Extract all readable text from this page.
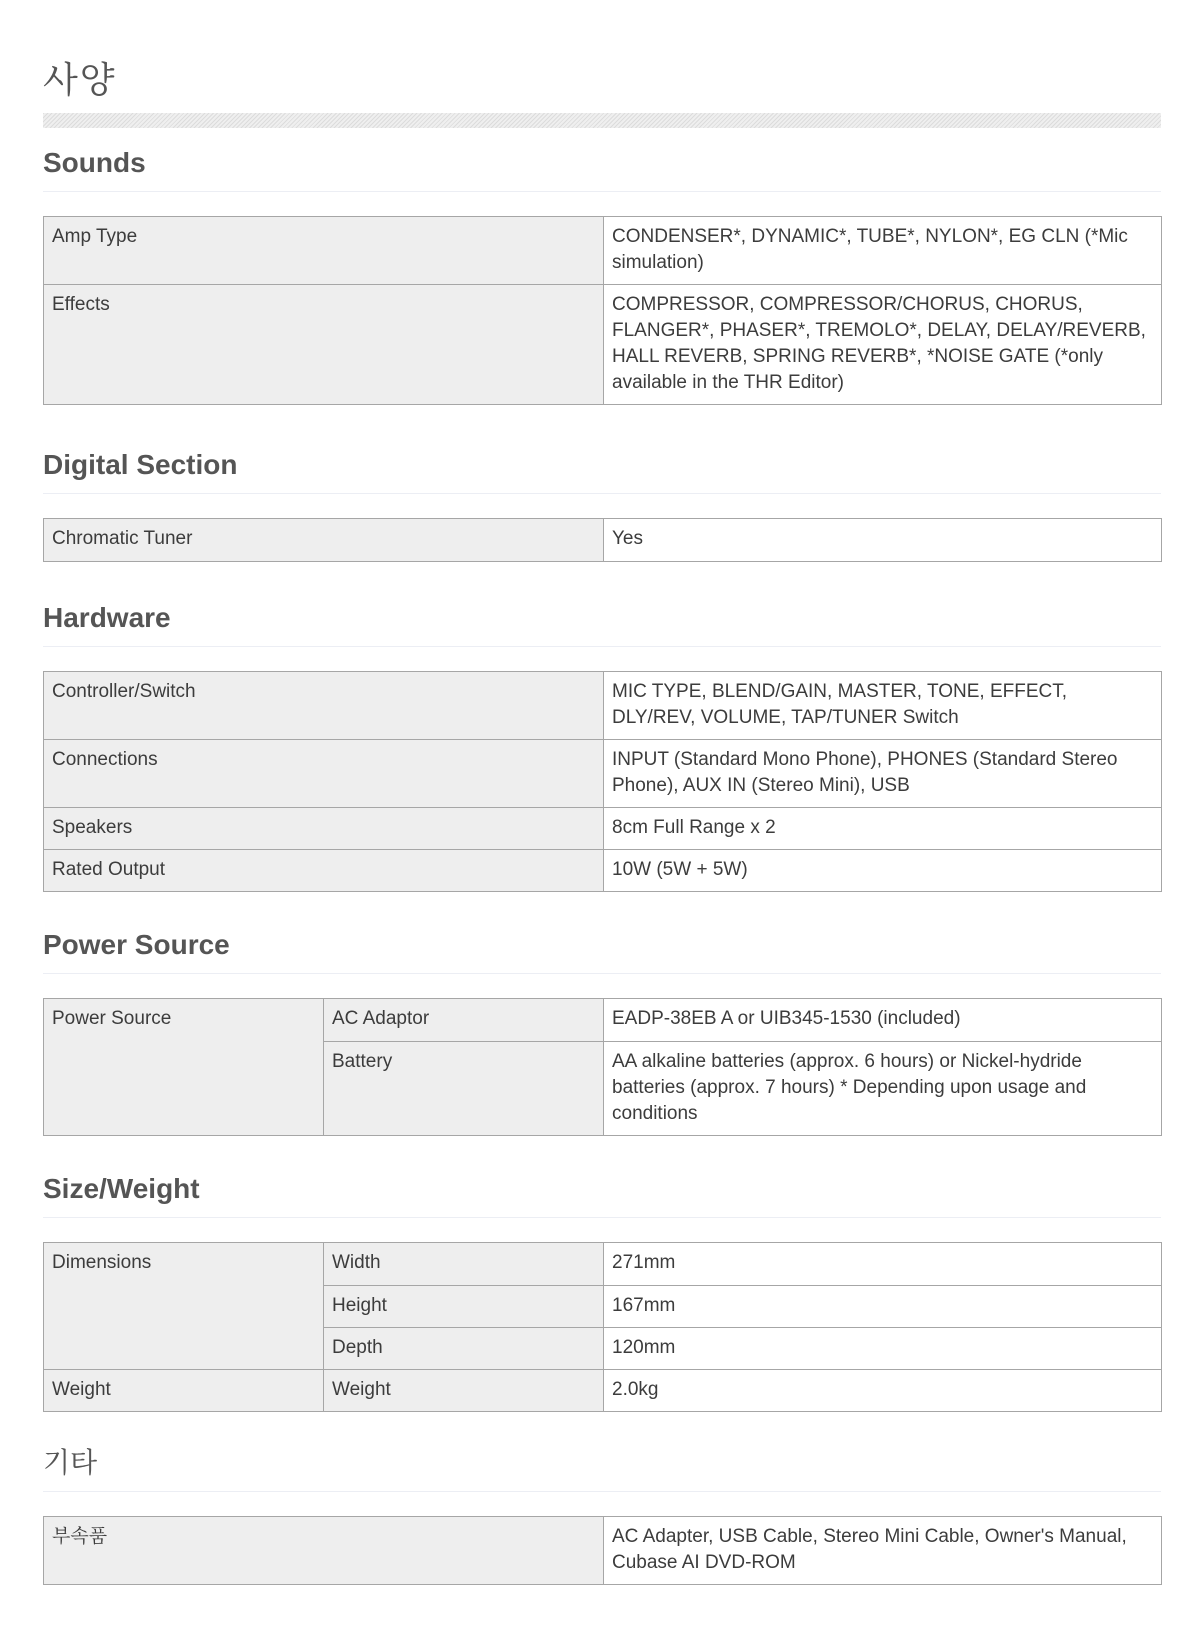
사양
Sounds
Amp Type	CONDENSER*, DYNAMIC*, TUBE*, NYLON*, EG CLN (*Mic simulation)
Effects	COMPRESSOR, COMPRESSOR/CHORUS, CHORUS, FLANGER*, PHASER*, TREMOLO*, DELAY, DELAY/REVERB, HALL REVERB, SPRING REVERB*, *NOISE GATE (*only available in the THR Editor)
Digital Section
Chromatic Tuner	Yes
Hardware
Controller/Switch	MIC TYPE, BLEND/GAIN, MASTER, TONE, EFFECT, DLY/REV, VOLUME, TAP/TUNER Switch
Connections	INPUT (Standard Mono Phone), PHONES (Standard Stereo Phone), AUX IN (Stereo Mini), USB
Speakers	8cm Full Range x 2
Rated Output	10W (5W + 5W)
Power Source
Power Source	AC Adaptor	EADP-38EB A or UIB345-1530 (included)
	Battery	AA alkaline batteries (approx. 6 hours) or Nickel-hydride batteries (approx. 7 hours) * Depending upon usage and conditions
Size/Weight
Dimensions	Width	271mm
	Height	167mm
	Depth	120mm
Weight	Weight	2.0kg
기타
부속품	AC Adapter, USB Cable, Stereo Mini Cable, Owner's Manual, Cubase AI DVD-ROM
